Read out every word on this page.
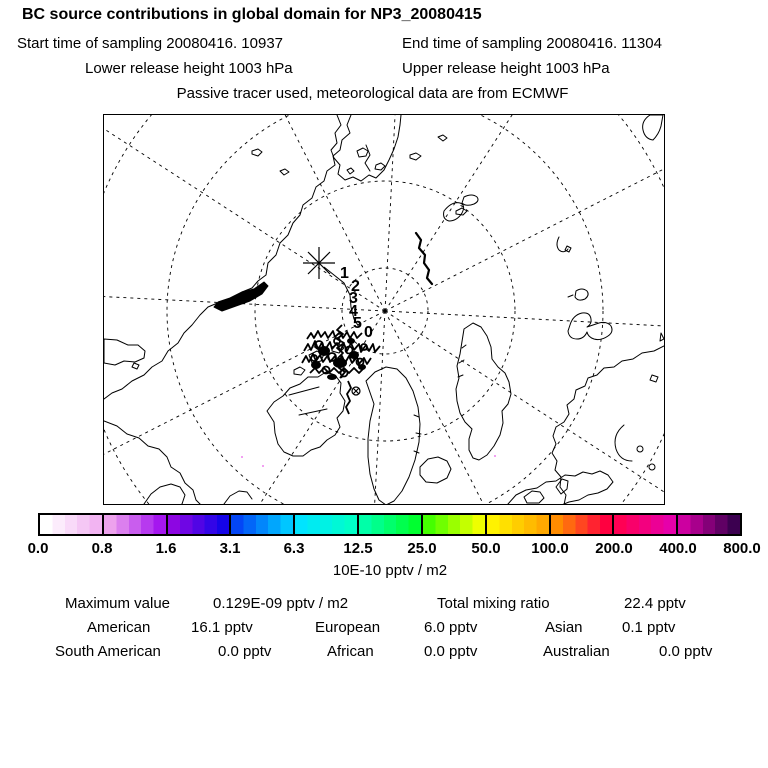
BC source contributions in global domain for NP3_20080415
Start time of sampling 20080416. 10937	End time of sampling 20080416. 11304
Lower release height 1003 hPa	Upper release height 1003 hPa
Passive tracer used, meteorological data are from ECMWF
1
2
3
4
5
0
0.0	0.8	1.6	3.1	6.3	12.5 25.0 50.0 100.0 200.0 400.0 800.0
10E-10 pptv / m2
Maximum value	0.129E-09 pptv / m2	Total mixing ratio	22.4 pptv
American	16.1 pptv	European	6.0 pptv	Asian	0.1 pptv
South American	0.0 pptv	African	0.0 pptv	Australian	0.0 pptv
